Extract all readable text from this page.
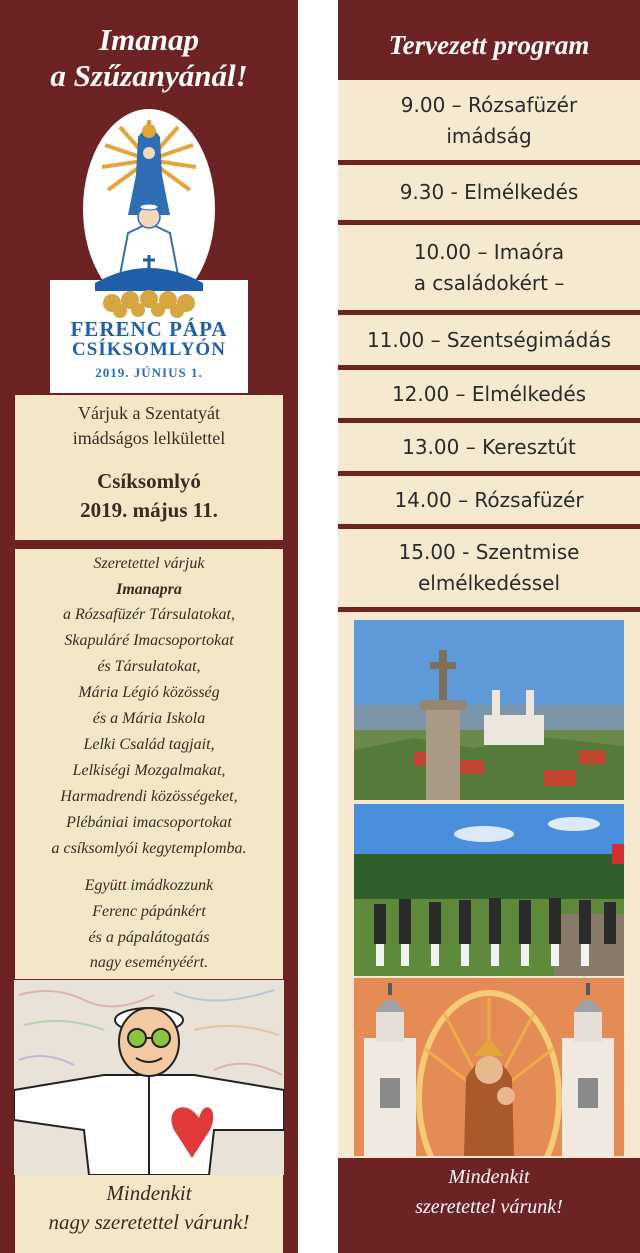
Imanap
a Szűzanyánál!
FERENC PÁPA
CSÍKSOMLYÓN
2019. JÚNIUS 1.
Várjuk a Szentatyát
imádságos lelkülettel
Csíksomlyó
2019. május 11.
Szeretettel várjuk
Imanapra
a Rózsafüzér Társulatokat,
Skapuláré Imacsoportokat
és Társulatokat,
Mária Légió közösség
és a Mária Iskola
Lelki Család tagjait,
Lelkiségi Mozgalmakat,
Harmadrendi közösségeket,
Plébániai imacsoportokat
a csíksomlyói kegytemplomba.
Együtt imádkozzunk
Ferenc pápánkért
és a pápalátogatás
nagy eseményéért.
Mindenkit
nagy szeretettel várunk!
Tervezett program
9.00 – Rózsafüzér
imádság
9.30 - Elmélkedés
10.00 – Imaóra
a családokért –
11.00 – Szentségimádás
12.00 – Elmélkedés
13.00 – Keresztút
14.00 – Rózsafüzér
15.00 - Szentmise
elmélkedéssel
Mindenkit
szeretettel várunk!
